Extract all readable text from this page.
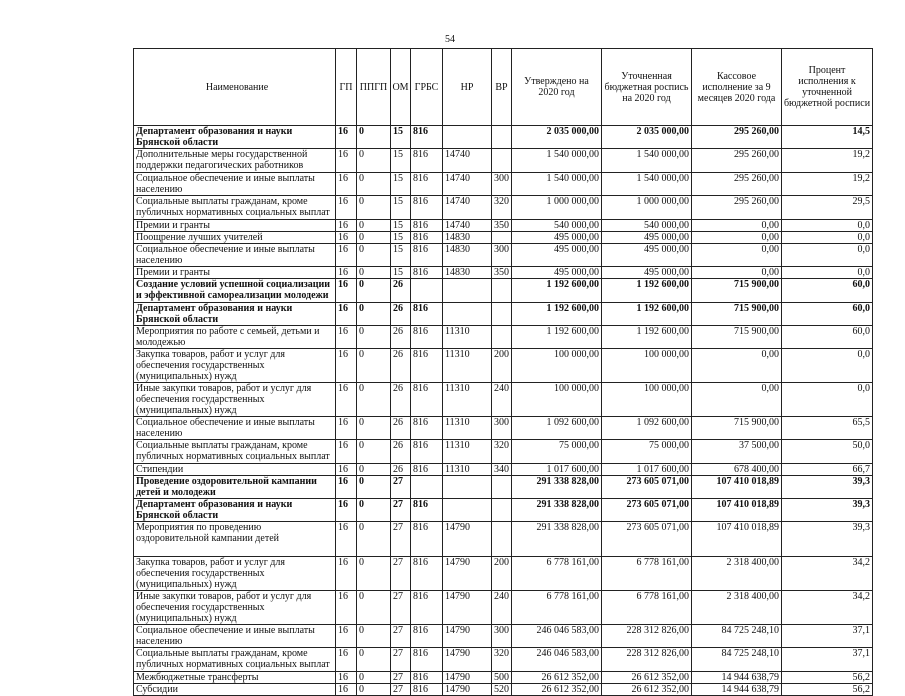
54
Наименование	ГП	ППГП	ОМ	ГРБС	НР	ВР	Утверждено на 2020 год	Уточненная бюджетная роспись на 2020 год	Кассовое исполнение за 9 месяцев 2020 года	Процент исполнения к уточненной бюджетной росписи
Департамент образования и науки Брянской области	16	0	15	816			2 035 000,00	2 035 000,00	295 260,00	14,5
Дополнительные меры государственной поддержки педагогических работников	16	0	15	816	14740		1 540 000,00	1 540 000,00	295 260,00	19,2
Социальное обеспечение и иные выплаты населению	16	0	15	816	14740	300	1 540 000,00	1 540 000,00	295 260,00	19,2
Социальные выплаты гражданам, кроме публичных нормативных социальных выплат	16	0	15	816	14740	320	1 000 000,00	1 000 000,00	295 260,00	29,5
Премии и гранты	16	0	15	816	14740	350	540 000,00	540 000,00	0,00	0,0
Поощрение лучших учителей	16	0	15	816	14830		495 000,00	495 000,00	0,00	0,0
Социальное обеспечение и иные выплаты населению	16	0	15	816	14830	300	495 000,00	495 000,00	0,00	0,0
Премии и гранты	16	0	15	816	14830	350	495 000,00	495 000,00	0,00	0,0
Создание условий успешной социализации и эффективной самореализации молодежи	16	0	26				1 192 600,00	1 192 600,00	715 900,00	60,0
Департамент образования и науки Брянской области	16	0	26	816			1 192 600,00	1 192 600,00	715 900,00	60,0
Мероприятия по работе с семьей, детьми и молодежью	16	0	26	816	11310		1 192 600,00	1 192 600,00	715 900,00	60,0
Закупка товаров, работ и услуг для обеспечения государственных (муниципальных) нужд	16	0	26	816	11310	200	100 000,00	100 000,00	0,00	0,0
Иные закупки товаров, работ и услуг для обеспечения государственных (муниципальных) нужд	16	0	26	816	11310	240	100 000,00	100 000,00	0,00	0,0
Социальное обеспечение и иные выплаты населению	16	0	26	816	11310	300	1 092 600,00	1 092 600,00	715 900,00	65,5
Социальные выплаты гражданам, кроме публичных нормативных социальных выплат	16	0	26	816	11310	320	75 000,00	75 000,00	37 500,00	50,0
Стипендии	16	0	26	816	11310	340	1 017 600,00	1 017 600,00	678 400,00	66,7
Проведение оздоровительной кампании детей и молодежи	16	0	27				291 338 828,00	273 605 071,00	107 410 018,89	39,3
Департамент образования и науки Брянской области	16	0	27	816			291 338 828,00	273 605 071,00	107 410 018,89	39,3
Мероприятия по проведению оздоровительной кампании детей	16	0	27	816	14790		291 338 828,00	273 605 071,00	107 410 018,89	39,3
Закупка товаров, работ и услуг для обеспечения государственных (муниципальных) нужд	16	0	27	816	14790	200	6 778 161,00	6 778 161,00	2 318 400,00	34,2
Иные закупки товаров, работ и услуг для обеспечения государственных (муниципальных) нужд	16	0	27	816	14790	240	6 778 161,00	6 778 161,00	2 318 400,00	34,2
Социальное обеспечение и иные выплаты населению	16	0	27	816	14790	300	246 046 583,00	228 312 826,00	84 725 248,10	37,1
Социальные выплаты гражданам, кроме публичных нормативных социальных выплат	16	0	27	816	14790	320	246 046 583,00	228 312 826,00	84 725 248,10	37,1
Межбюджетные трансферты	16	0	27	816	14790	500	26 612 352,00	26 612 352,00	14 944 638,79	56,2
Субсидии	16	0	27	816	14790	520	26 612 352,00	26 612 352,00	14 944 638,79	56,2
